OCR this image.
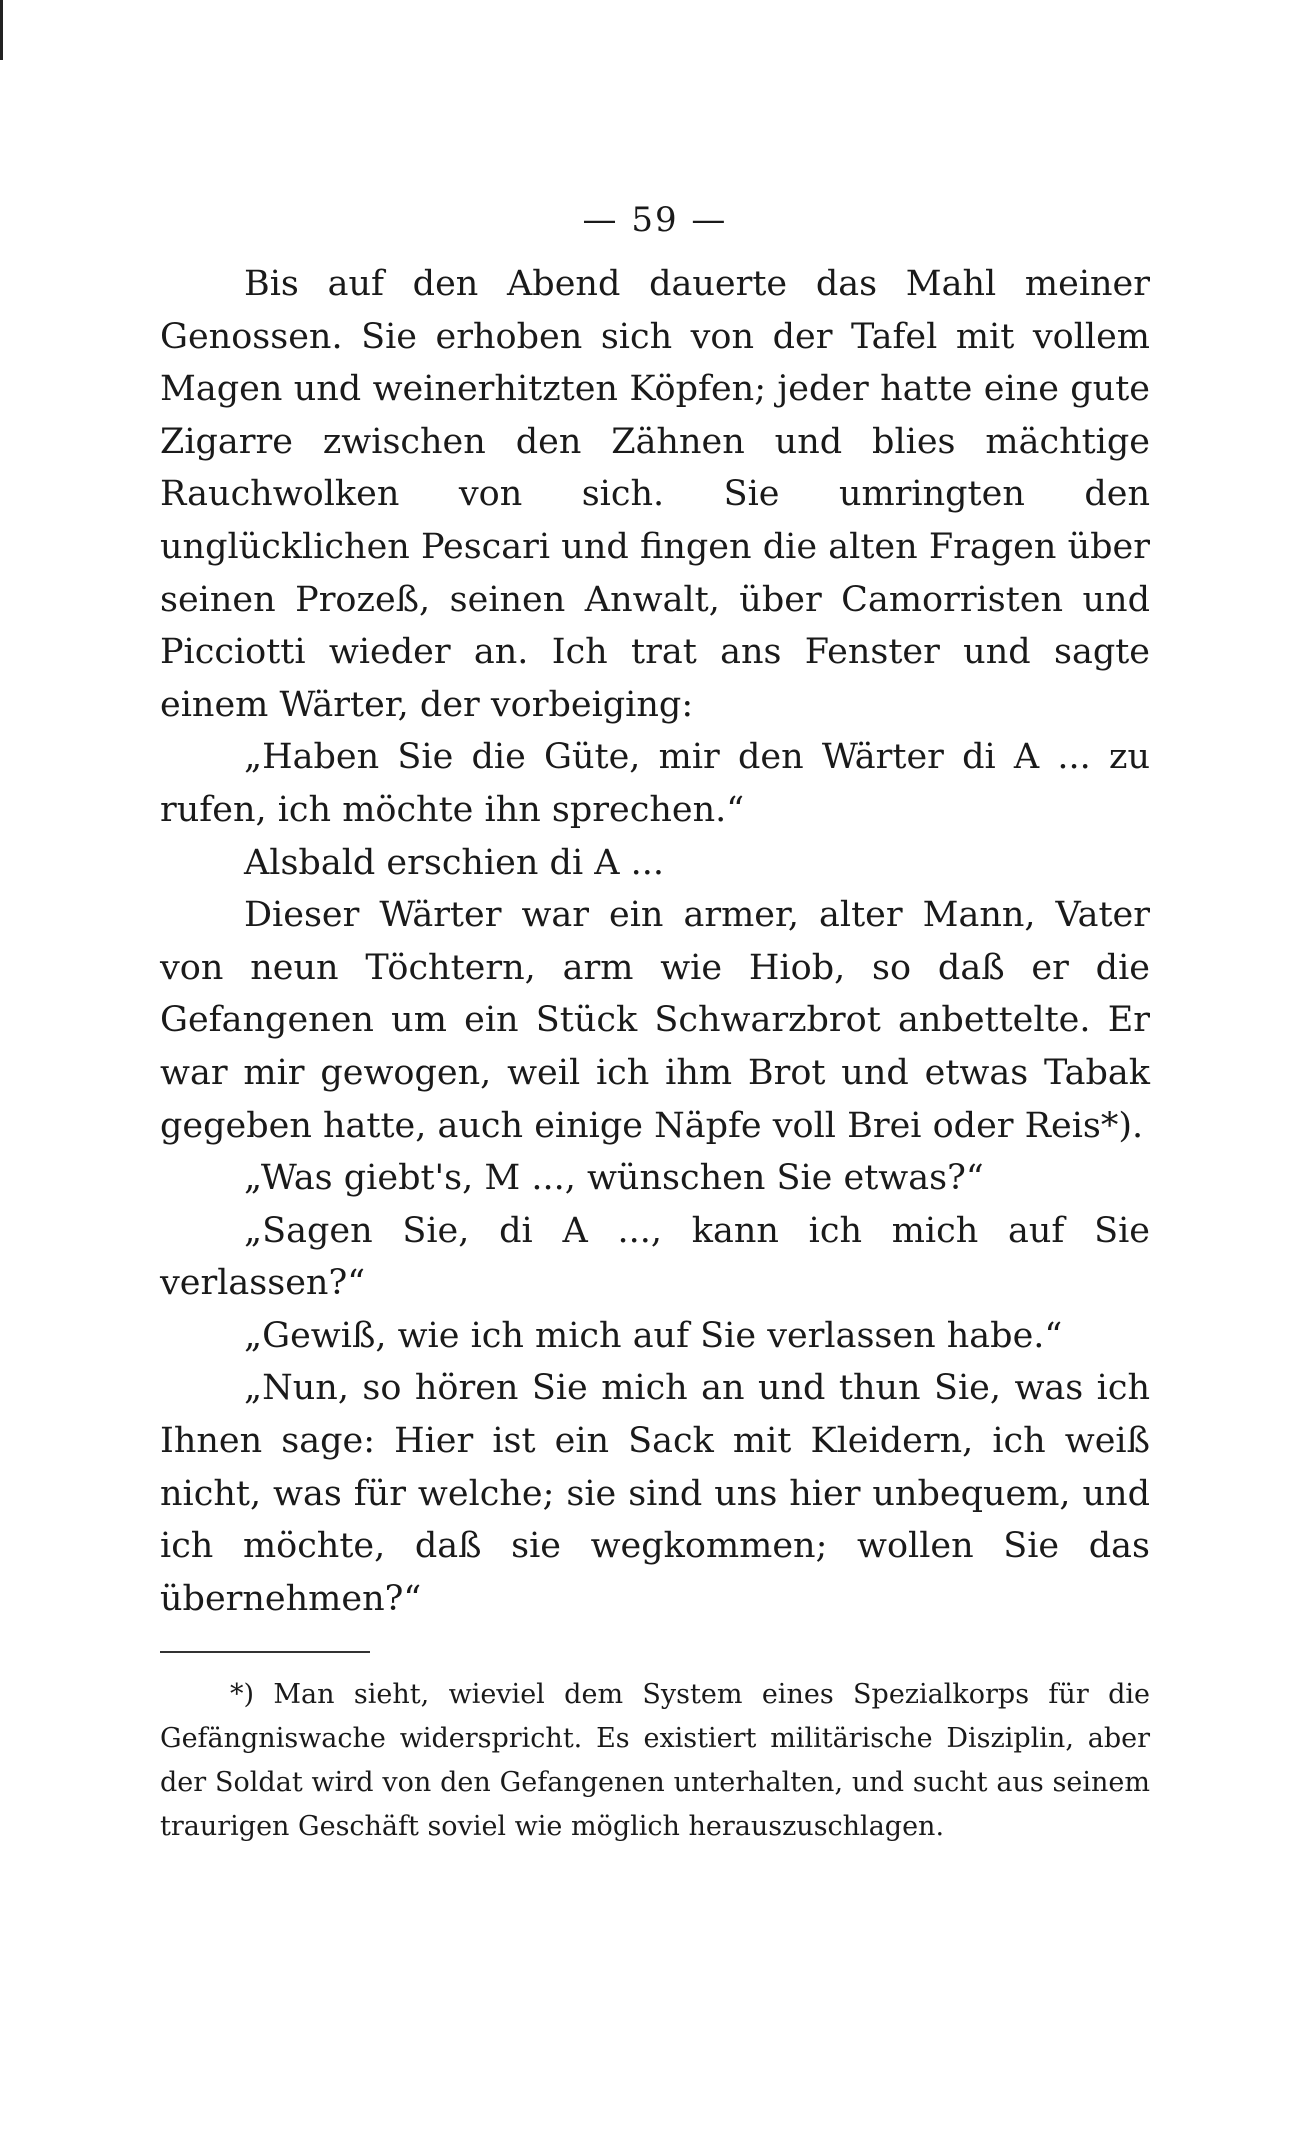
— 59 —

Bis auf den Abend dauerte das Mahl meiner Genossen. Sie erhoben sich von der Tafel mit vollem Magen und weinerhitzten Köpfen; jeder hatte eine gute Zigarre zwischen den Zähnen und blies mächtige Rauchwolken von sich. Sie umringten den unglücklichen Pescari und fingen die alten Fragen über seinen Prozeß, seinen Anwalt, über Camorristen und Picciotti wieder an. Ich trat ans Fenster und sagte einem Wärter, der vorbeiging:

„Haben Sie die Güte, mir den Wärter di A ... zu rufen, ich möchte ihn sprechen.“

Alsbald erschien di A ...

Dieser Wärter war ein armer, alter Mann, Vater von neun Töchtern, arm wie Hiob, so daß er die Gefangenen um ein Stück Schwarzbrot anbettelte. Er war mir gewogen, weil ich ihm Brot und etwas Tabak gegeben hatte, auch einige Näpfe voll Brei oder Reis*).

„Was giebt's, M ..., wünschen Sie etwas?“

„Sagen Sie, di A ..., kann ich mich auf Sie verlassen?“

„Gewiß, wie ich mich auf Sie verlassen habe.“

„Nun, so hören Sie mich an und thun Sie, was ich Ihnen sage: Hier ist ein Sack mit Kleidern, ich weiß nicht, was für welche; sie sind uns hier unbequem, und ich möchte, daß sie wegkommen; wollen Sie das übernehmen?“

*) Man sieht, wieviel dem System eines Spezialkorps für die Gefängniswache widerspricht. Es existiert militärische Disziplin, aber der Soldat wird von den Gefangenen unterhalten, und sucht aus seinem traurigen Geschäft soviel wie möglich herauszuschlagen.
